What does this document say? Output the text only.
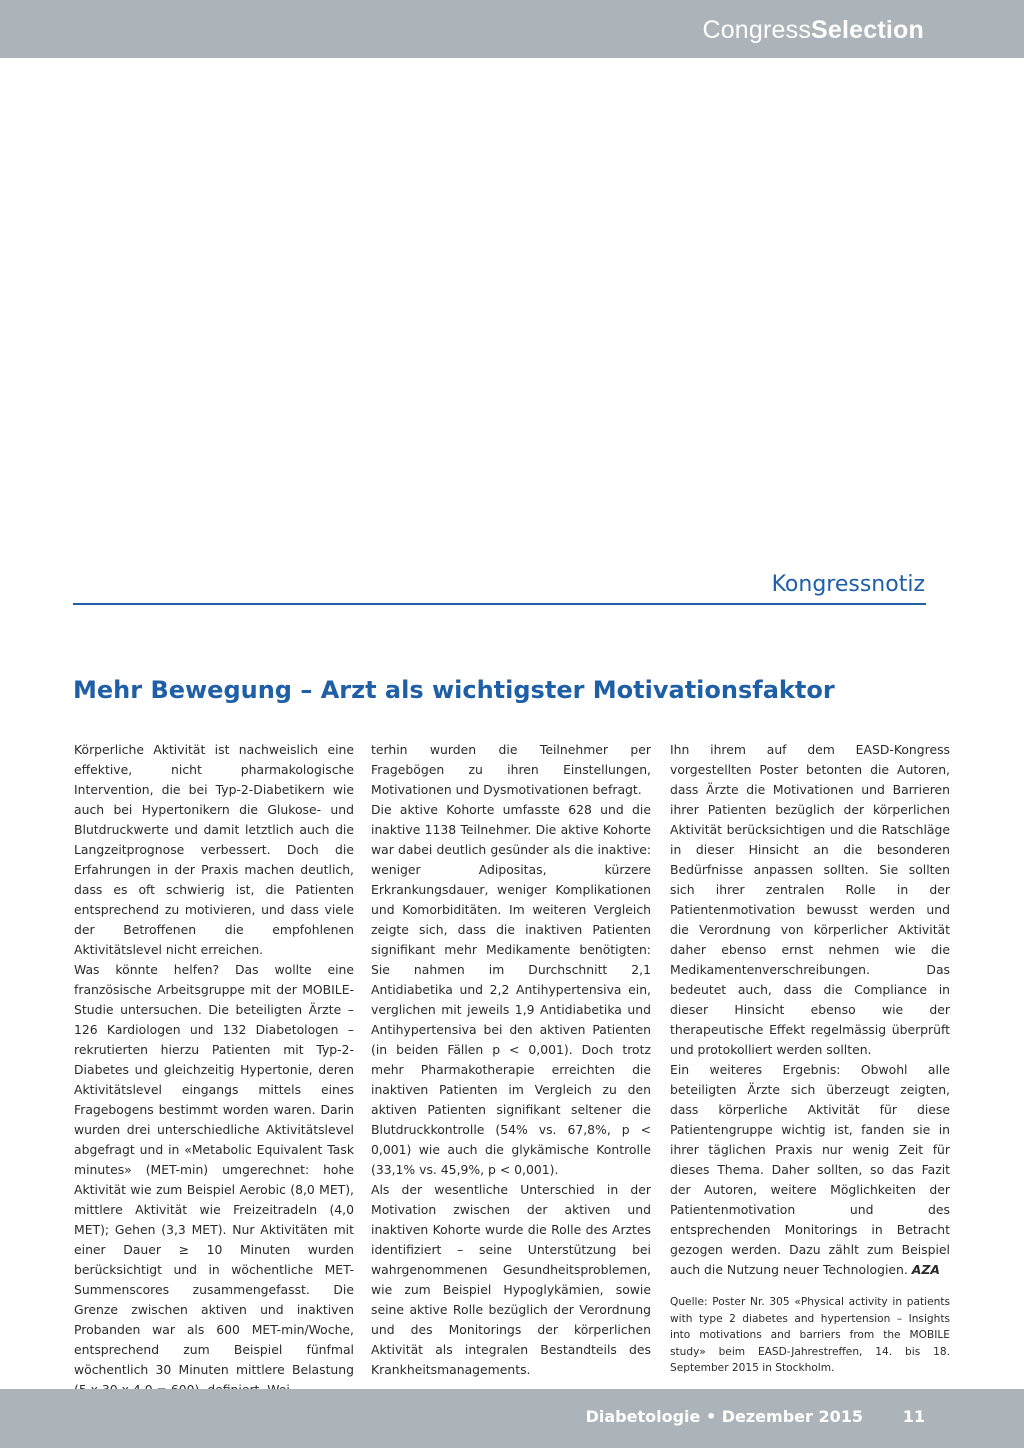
CongressSelection
Kongressnotiz
Mehr Bewegung – Arzt als wichtigster Motivationsfaktor

Körperliche Aktivität ist nachweislich eine effektive, nicht pharmakologische Intervention, die bei Typ-2-Diabetikern wie auch bei Hypertonikern die Glukose- und Blutdruckwerte und damit letztlich auch die Langzeitprognose verbessert. Doch die Erfahrungen in der Praxis machen deutlich, dass es oft schwierig ist, die Patienten entsprechend zu motivieren, und dass viele der Betroffenen die empfohlenen Aktivitätslevel nicht erreichen.

Was könnte helfen? Das wollte eine französische Arbeitsgruppe mit der MOBILE-Studie untersuchen. Die beteiligten Ärzte – 126 Kardiologen und 132 Diabetologen – rekrutierten hierzu Patienten mit Typ-2-Diabetes und gleichzeitig Hypertonie, deren Aktivitätslevel eingangs mittels eines Fragebogens bestimmt worden waren. Darin wurden drei unterschiedliche Aktivitätslevel abgefragt und in «Metabolic Equivalent Task minutes» (MET-min) umgerechnet: hohe Aktivität wie zum Beispiel Aerobic (8,0 MET), mittlere Aktivität wie Freizeitradeln (4,0 MET); Gehen (3,3 MET). Nur Aktivitäten mit einer Dauer ≥ 10 Minuten wurden berücksichtigt und in wöchentliche MET-Summenscores zusammengefasst. Die Grenze zwischen aktiven und inaktiven Probanden war als 600 MET-min/Woche, entsprechend zum Beispiel fünfmal wöchentlich 30 Minuten mittlere Belastung

terhin wurden die Teilnehmer per Fragebögen zu ihren Einstellungen, Motivationen und Dysmotivationen befragt.

Die aktive Kohorte umfasste 628 und die inaktive 1138 Teilnehmer. Die aktive Kohorte war dabei deutlich gesünder als die inaktive: weniger Adipositas, kürzere Erkrankungsdauer, weniger Komplikationen und Komorbiditäten. Im weiteren Vergleich zeigte sich, dass die inaktiven Patienten signifikant mehr Medikamente benötigten: Sie nahmen im Durchschnitt 2,1 Antidiabetika und 2,2 Antihypertensiva ein, verglichen mit jeweils 1,9 Antidiabetika und Antihypertensiva bei den aktiven Patienten (in beiden Fällen p < 0,001). Doch trotz mehr Pharmakotherapie erreichten die inaktiven Patienten im Vergleich zu den aktiven Patienten signifikant seltener die Blutdruckkontrolle (54% vs. 67,8%, p < 0,001) wie auch die glykämische Kontrolle (33,1% vs. 45,9%, p < 0,001).

Als der wesentliche Unterschied in der Motivation zwischen der aktiven und inaktiven Kohorte wurde die Rolle des Arztes identifiziert – seine Unterstützung bei wahrgenommenen Gesundheitsproblemen, wie zum Beispiel Hypoglykämien, sowie seine aktive Rolle bezüglich der Verordnung und des Monitorings der körperlichen Aktivität als integralen Bestandteils des Krankheitsmanagements.

Ihn ihrem auf dem EASD-Kongress vorgestellten Poster betonten die Autoren, dass Ärzte die Motivationen und Barrieren ihrer Patienten bezüglich der körperlichen Aktivität berücksichtigen und die Ratschläge in dieser Hinsicht an die besonderen Bedürfnisse anpassen sollten. Sie sollten sich ihrer zentralen Rolle in der Patientenmotivation bewusst werden und die Verordnung von körperlicher Aktivität daher ebenso ernst nehmen wie die Medikamentenverschreibungen. Das bedeutet auch, dass die Compliance in dieser Hinsicht ebenso wie der therapeutische Effekt regelmässig überprüft und protokolliert werden sollten.

Ein weiteres Ergebnis: Obwohl alle beteiligten Ärzte sich überzeugt zeigten, dass körperliche Aktivität für diese Patientengruppe wichtig ist, fanden sie in ihrer täglichen Praxis nur wenig Zeit für dieses Thema. Daher sollten, so das Fazit der Autoren, weitere Möglichkeiten der Patientenmotivation und des entsprechenden Monitorings in Betracht gezogen werden. Dazu zählt zum Beispiel auch die Nutzung neuer Technologien. AZA

Quelle: Poster Nr. 305 «Physical activity in patients with type 2 diabetes and hypertension – Insights into motivations and barriers from the MOBILE study» beim EASD-Jahrestreffen, 14. bis 18. September 2015 in Stockholm.

Diabetologie • Dezember 2015 11
